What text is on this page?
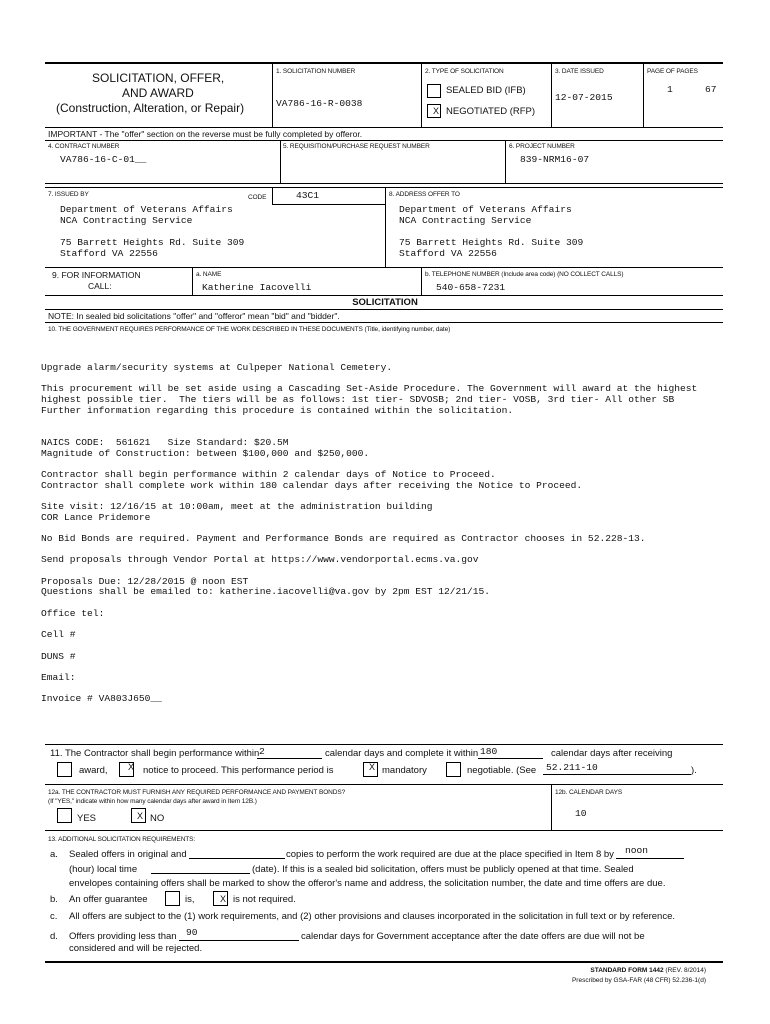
SOLICITATION, OFFER,
AND AWARD
(Construction, Alteration, or Repair)
1. SOLICITATION NUMBER
VA786-16-R-0038
2. TYPE OF SOLICITATION
SEALED BID (IFB)
X NEGOTIATED (RFP)
3. DATE ISSUED
12-07-2015
PAGE OF PAGES
1	67
IMPORTANT - The "offer" section on the reverse must be fully completed by offeror.
4. CONTRACT NUMBER
VA786-16-C-01__
5. REQUISITION/PURCHASE REQUEST NUMBER	6. PROJECT NUMBER
839-NRM16-07
7. ISSUED BY	CODE	43C1
Department of Veterans Affairs
NCA Contracting Service
75 Barrett Heights Rd. Suite 309
Stafford VA 22556
8. ADDRESS OFFER TO
Department of Veterans Affairs
NCA Contracting Service
75 Barrett Heights Rd. Suite 309
Stafford VA 22556
9. FOR INFORMATION
CALL:
a. NAME
Katherine Iacovelli
b. TELEPHONE NUMBER (Include area code) (NO COLLECT CALLS)
540-658-7231
SOLICITATION
NOTE: In sealed bid solicitations "offer" and "offeror" mean "bid" and "bidder".
10. THE GOVERNMENT REQUIRES PERFORMANCE OF THE WORK DESCRIBED IN THESE DOCUMENTS (Title, identifying number, date)
Upgrade alarm/security systems at Culpeper National Cemetery.
This procurement will be set aside using a Cascading Set-Aside Procedure. The Government will award at the highest
highest possible tier.  The tiers will be as follows: 1st tier- SDVOSB; 2nd tier- VOSB, 3rd tier- All other SB
Further information regarding this procedure is contained within the solicitation.
NAICS CODE:  561621   Size Standard: $20.5M
Magnitude of Construction: between $100,000 and $250,000.
Contractor shall begin performance within 2 calendar days of Notice to Proceed.
Contractor shall complete work within 180 calendar days after receiving the Notice to Proceed.
Site visit: 12/16/15 at 10:00am, meet at the administration building
COR Lance Pridemore
No Bid Bonds are required. Payment and Performance Bonds are required as Contractor chooses in 52.228-13.
Send proposals through Vendor Portal at https://www.vendorportal.ecms.va.gov
Proposals Due: 12/28/2015 @ noon EST
Questions shall be emailed to: katherine.iacovelli@va.gov by 2pm EST 12/21/15.
Office tel:
Cell #
DUNS #
Email:
Invoice # VA803J650__
11. The Contractor shall begin performance within 2	calendar days and complete it within 180	calendar days after receiving
award, X notice to proceed. This performance period is	X mandatory	negotiable. (See 52.211-10	).
12a. THE CONTRACTOR MUST FURNISH ANY REQUIRED PERFORMANCE AND PAYMENT BONDS?
(If "YES," indicate within how many calendar days after award in Item 12B.)
YES	X NO
12b. CALENDAR DAYS
10
13. ADDITIONAL SOLICITATION REQUIREMENTS:
a. Sealed offers in original and	copies to perform the work required are due at the place specified in Item 8 by noon
(hour) local time	(date). If this is a sealed bid solicitation, offers must be publicly opened at that time. Sealed
envelopes containing offers shall be marked to show the offeror's name and address, the solicitation number, the date and time offers are due.
b. An offer guarantee	is,	X is not required.
c. All offers are subject to the (1) work requirements, and (2) other provisions and clauses incorporated in the solicitation in full text or by reference.
d. Offers providing less than 90	calendar days for Government acceptance after the date offers are due will not be
considered and will be rejected.
STANDARD FORM 1442 (REV. 8/2014)
Prescribed by GSA-FAR (48 CFR) 52.236-1(d)
